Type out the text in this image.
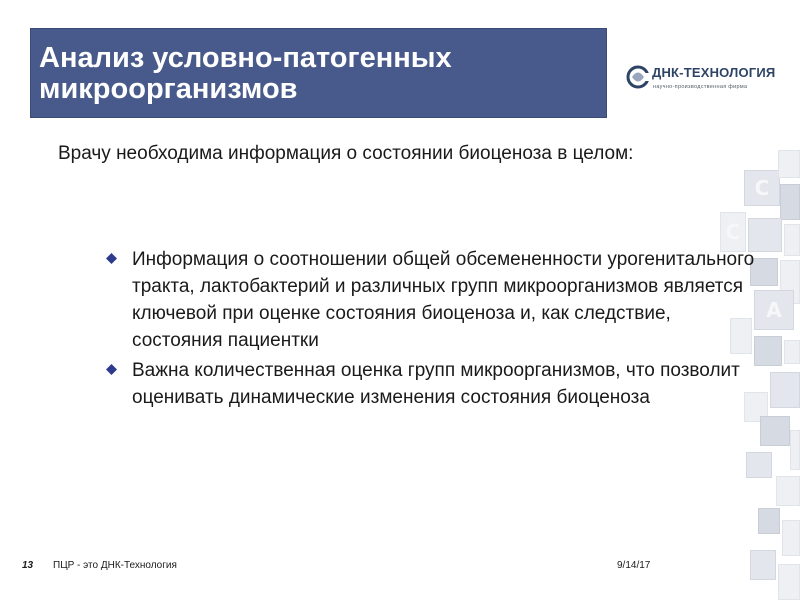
C
C
A
Анализ условно-патогенных микроорганизмов
ДНК-ТЕХНОЛОГИЯ
научно-производственная фирма

Врачу необходима информация о состоянии биоценоза в целом:

Информация о соотношении общей обсемененности урогенитального тракта, лактобактерий и различных групп микроорганизмов является ключевой при оценке состояния биоценоза и, как следствие, состояния пациентки
Важна количественная оценка групп микроорганизмов, что позволит оценивать динамические изменения состояния биоценоза
13 ПЦР - это ДНК-Технология	9/14/17
